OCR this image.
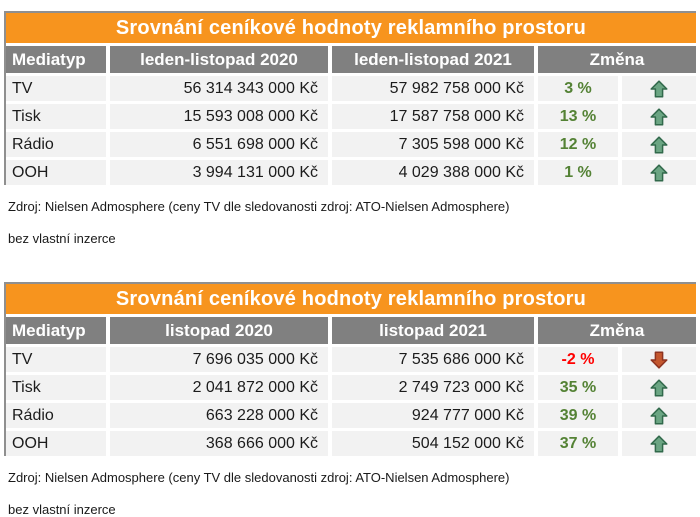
Srovnání ceníkové hodnoty reklamního prostoru
Mediatyp	leden-listopad 2020	leden-listopad 2021	Změna
TV	56 314 343 000 Kč	57 982 758 000 Kč	3 %
Tisk	15 593 008 000 Kč	17 587 758 000 Kč	13 %
Rádio	6 551 698 000 Kč	7 305 598 000 Kč	12 %
OOH	3 994 131 000 Kč	4 029 388 000 Kč	1 %
Zdroj: Nielsen Admosphere (ceny TV dle sledovanosti zdroj: ATO-Nielsen Admosphere)
bez vlastní inzerce
Srovnání ceníkové hodnoty reklamního prostoru
Mediatyp	listopad 2020	listopad 2021	Změna
TV	7 696 035 000 Kč	7 535 686 000 Kč	-2 %
Tisk	2 041 872 000 Kč	2 749 723 000 Kč	35 %
Rádio	663 228 000 Kč	924 777 000 Kč	39 %
OOH	368 666 000 Kč	504 152 000 Kč	37 %
Zdroj: Nielsen Admosphere (ceny TV dle sledovanosti zdroj: ATO-Nielsen Admosphere)
bez vlastní inzerce
